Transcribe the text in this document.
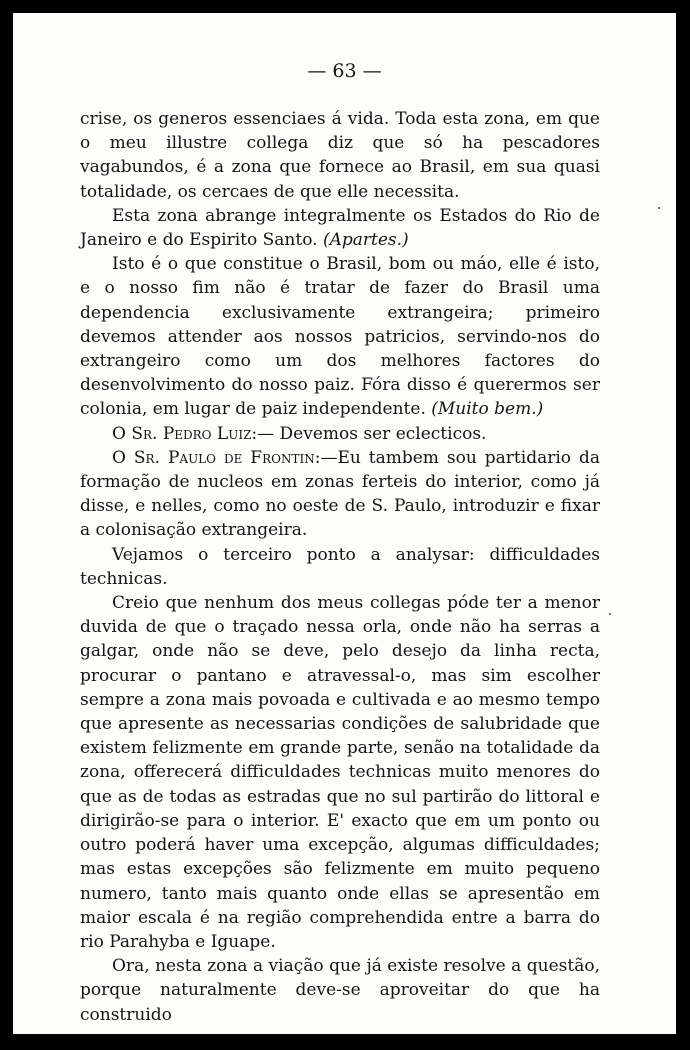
— 63 —

crise, os generos essenciaes á vida. Toda esta zona, em que o meu illustre collega diz que só ha pescadores vagabundos, é a zona que fornece ao Brasil, em sua quasi totalidade, os cercaes de que elle necessita.

Esta zona abrange integralmente os Estados do Rio de Janeiro e do Espirito Santo. (Apartes.)

Isto é o que constitue o Brasil, bom ou máo, elle é isto, e o nosso fim não é tratar de fazer do Brasil uma dependencia exclusivamente extrangeira; primeiro devemos attender aos nossos patricios, servindo-nos do extrangeiro como um dos melhores factores do desenvolvimento do nosso paiz. Fóra disso é querermos ser colonia, em lugar de paiz independente. (Muito bem.)

O Sr. Pedro Luiz:— Devemos ser eclecticos.

O Sr. Paulo de Frontin:—Eu tambem sou partidario da formação de nucleos em zonas ferteis do interior, como já disse, e nelles, como no oeste de S. Paulo, introduzir e fixar a colonisação extrangeira.

Vejamos o terceiro ponto a analysar: difficuldades technicas.

Creio que nenhum dos meus collegas póde ter a menor duvida de que o traçado nessa orla, onde não ha serras a galgar, onde não se deve, pelo desejo da linha recta, procurar o pantano e atravessal-o, mas sim escolher sempre a zona mais povoada e cultivada e ao mesmo tempo que apresente as necessarias condições de salubridade que existem felizmente em grande parte, senão na totalidade da zona, offerecerá difficuldades technicas muito menores do que as de todas as estradas que no sul partirão do littoral e dirigirão-se para o interior. E' exacto que em um ponto ou outro poderá haver uma excepção, algumas difficuldades; mas estas excepções são felizmente em muito pequeno numero, tanto mais quanto onde ellas se apresentão em maior escala é na região comprehendida entre a barra do rio Parahyba e Iguape.

Ora, nesta zona a viação que já existe resolve a questão, porque naturalmente deve-se aproveitar do que ha construido
